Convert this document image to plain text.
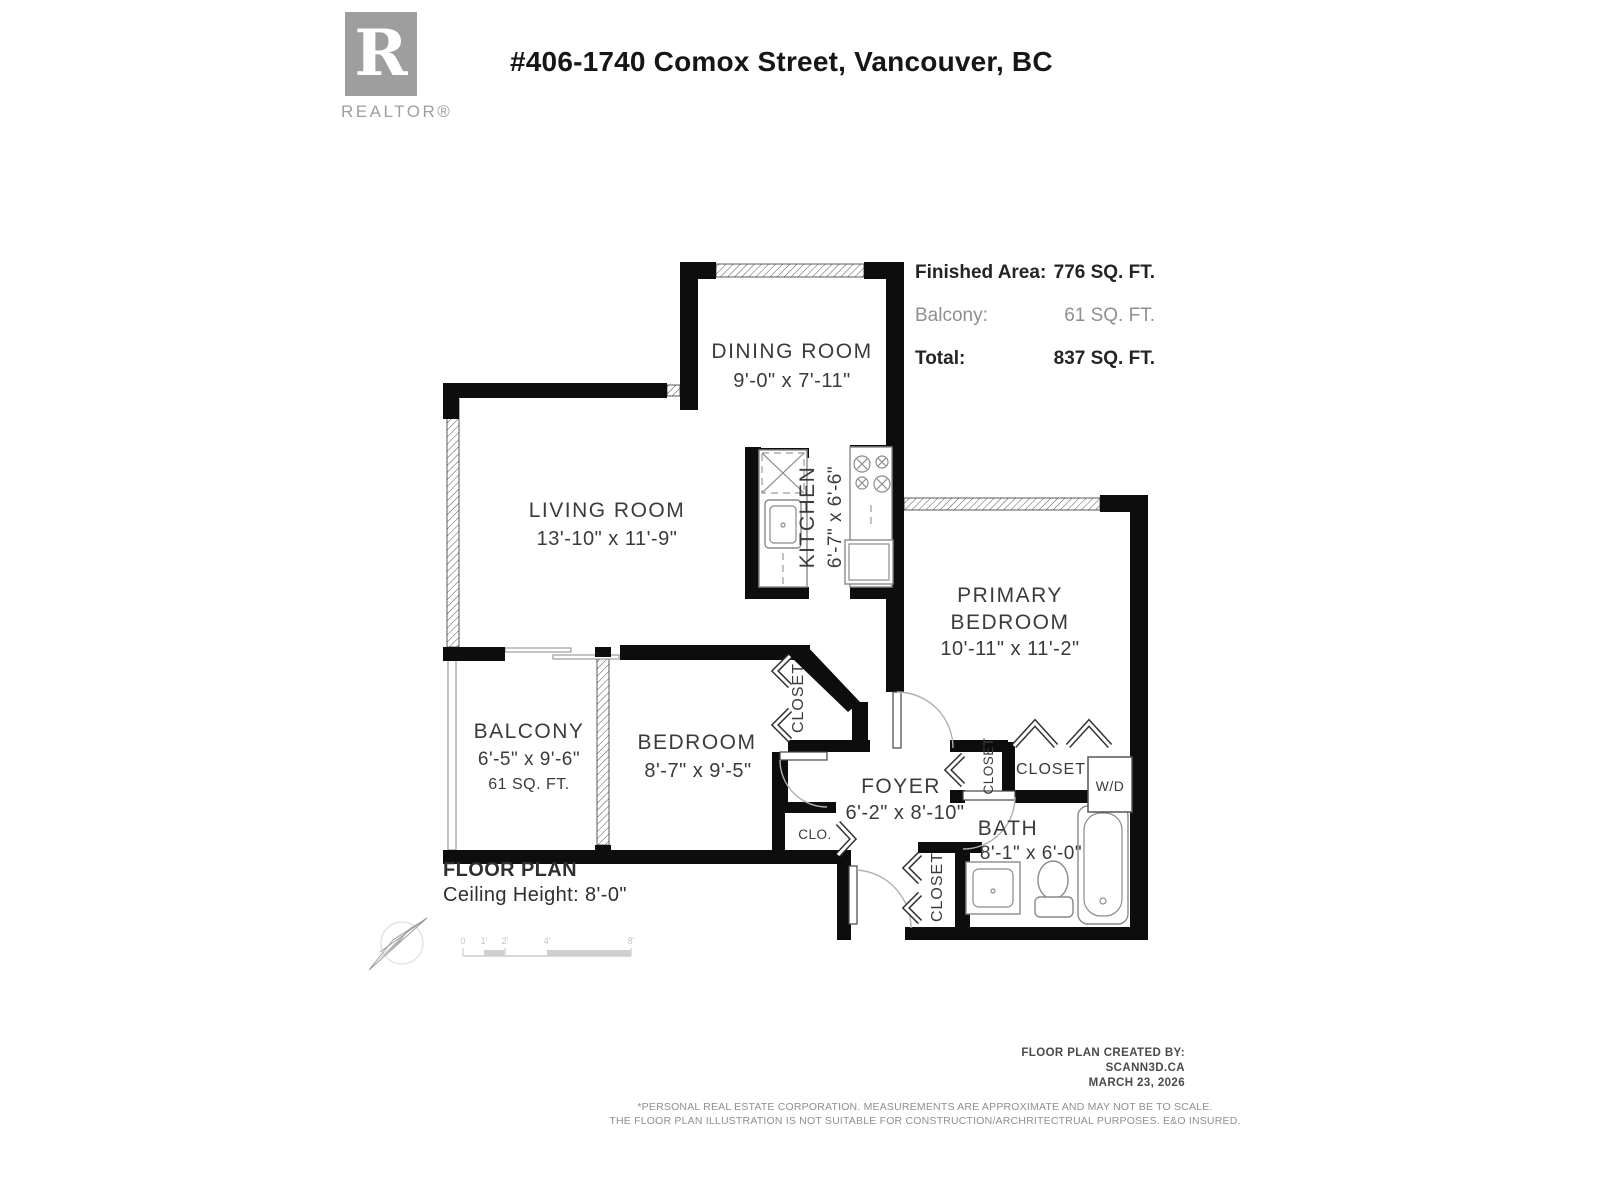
R
REALTOR®
#406-1740 Comox Street, Vancouver, BC
Finished Area: 776 SQ. FT.
Balcony:	61 SQ. FT.
Total:	837 SQ. FT.
DINING ROOM
9'-0" x 7'-11"
LIVING ROOM
13'-10" x 11'-9"	KITCHEN 6'-7" x 6'-6"
PRIMARY
BEDROOM
10'-11" x 11'-2"
BEDROOM
8'-7" x 9'-5"
BALCONY
6'-5" x 9'-6"
61 SQ. FT.	FOYER
6'-2" x 8'-10"
BATH
8'-1" x 6'-0"
CLOSET
CLOSET CLOSET
CLOSET
CLO.
W/D
0 1' 2'	4'	8'
FLOOR PLAN
Ceiling Height: 8'-0"
FLOOR PLAN CREATED BY:
SCANN3D.CA
MARCH 23, 2026
*PERSONAL REAL ESTATE CORPORATION. MEASUREMENTS ARE APPROXIMATE AND MAY NOT BE TO SCALE.
THE FLOOR PLAN ILLUSTRATION IS NOT SUITABLE FOR CONSTRUCTION/ARCHRITECTRUAL PURPOSES. E&O INSURED.
